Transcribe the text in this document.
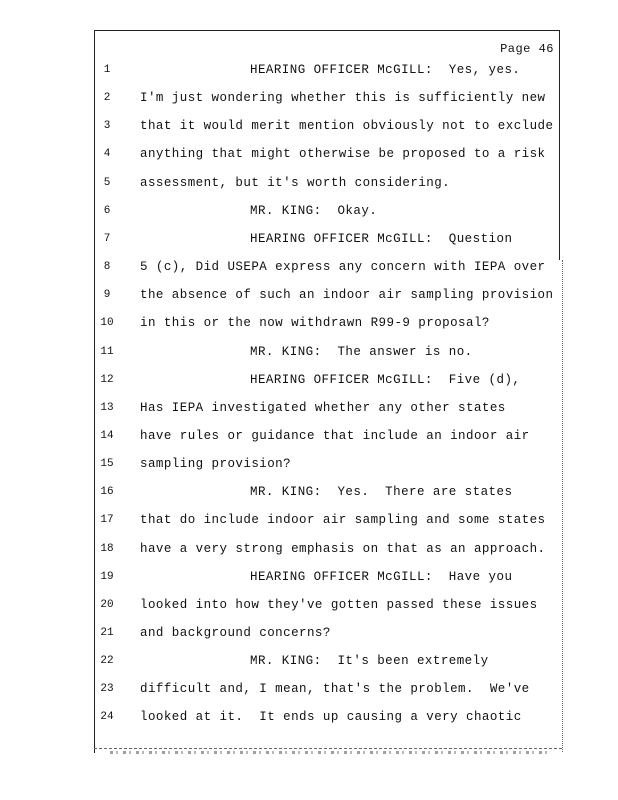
Page 46
1	HEARING OFFICER McGILL:  Yes, yes.
2	I'm just wondering whether this is sufficiently new
3	that it would merit mention obviously not to exclude
4	anything that might otherwise be proposed to a risk
5	assessment, but it's worth considering.
6	MR. KING:  Okay.
7	HEARING OFFICER McGILL:  Question
8	5 (c), Did USEPA express any concern with IEPA over
9	the absence of such an indoor air sampling provision
10	in this or the now withdrawn R99-9 proposal?
11	MR. KING:  The answer is no.
12	HEARING OFFICER McGILL:  Five (d),
13	Has IEPA investigated whether any other states
14	have rules or guidance that include an indoor air
15	sampling provision?
16	MR. KING:  Yes.  There are states
17	that do include indoor air sampling and some states
18	have a very strong emphasis on that as an approach.
19	HEARING OFFICER McGILL:  Have you
20	looked into how they've gotten passed these issues
21	and background concerns?
22	MR. KING:  It's been extremely
23	difficult and, I mean, that's the problem.  We've
24	looked at it.  It ends up causing a very chaotic
